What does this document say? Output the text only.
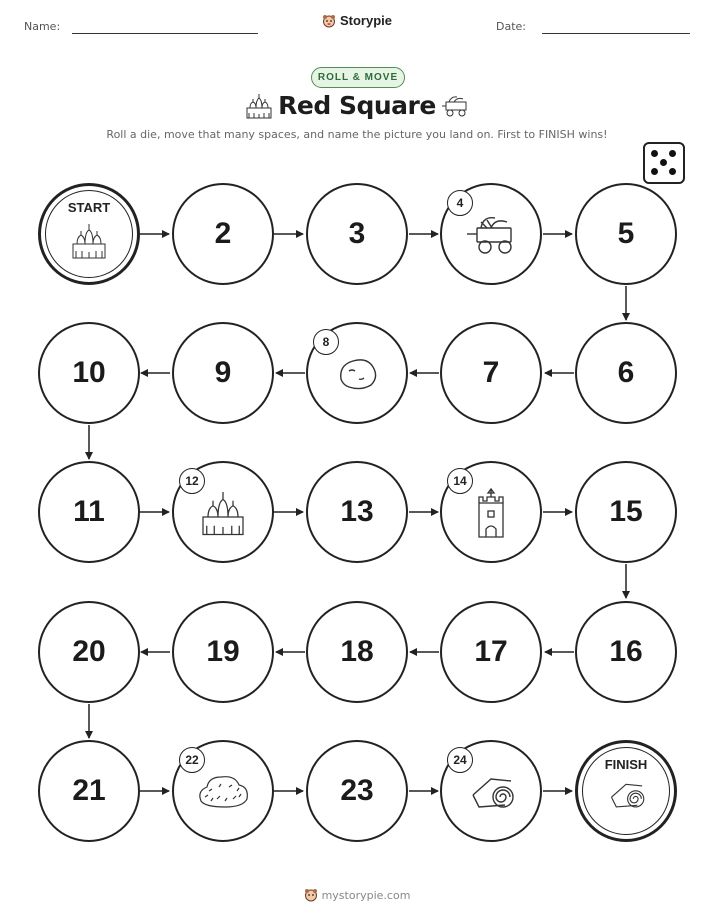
Name:	Date:
Storypie
ROLL & MOVE
Red Square
Roll a die, move that many spaces, and name the picture you land on. First to FINISH wins!
START
2	3
4
5
10	9
8
7	6
11
12
13
14
15
20	19	18	17	16
21
22
23
24	FINISH
mystorypie.com
